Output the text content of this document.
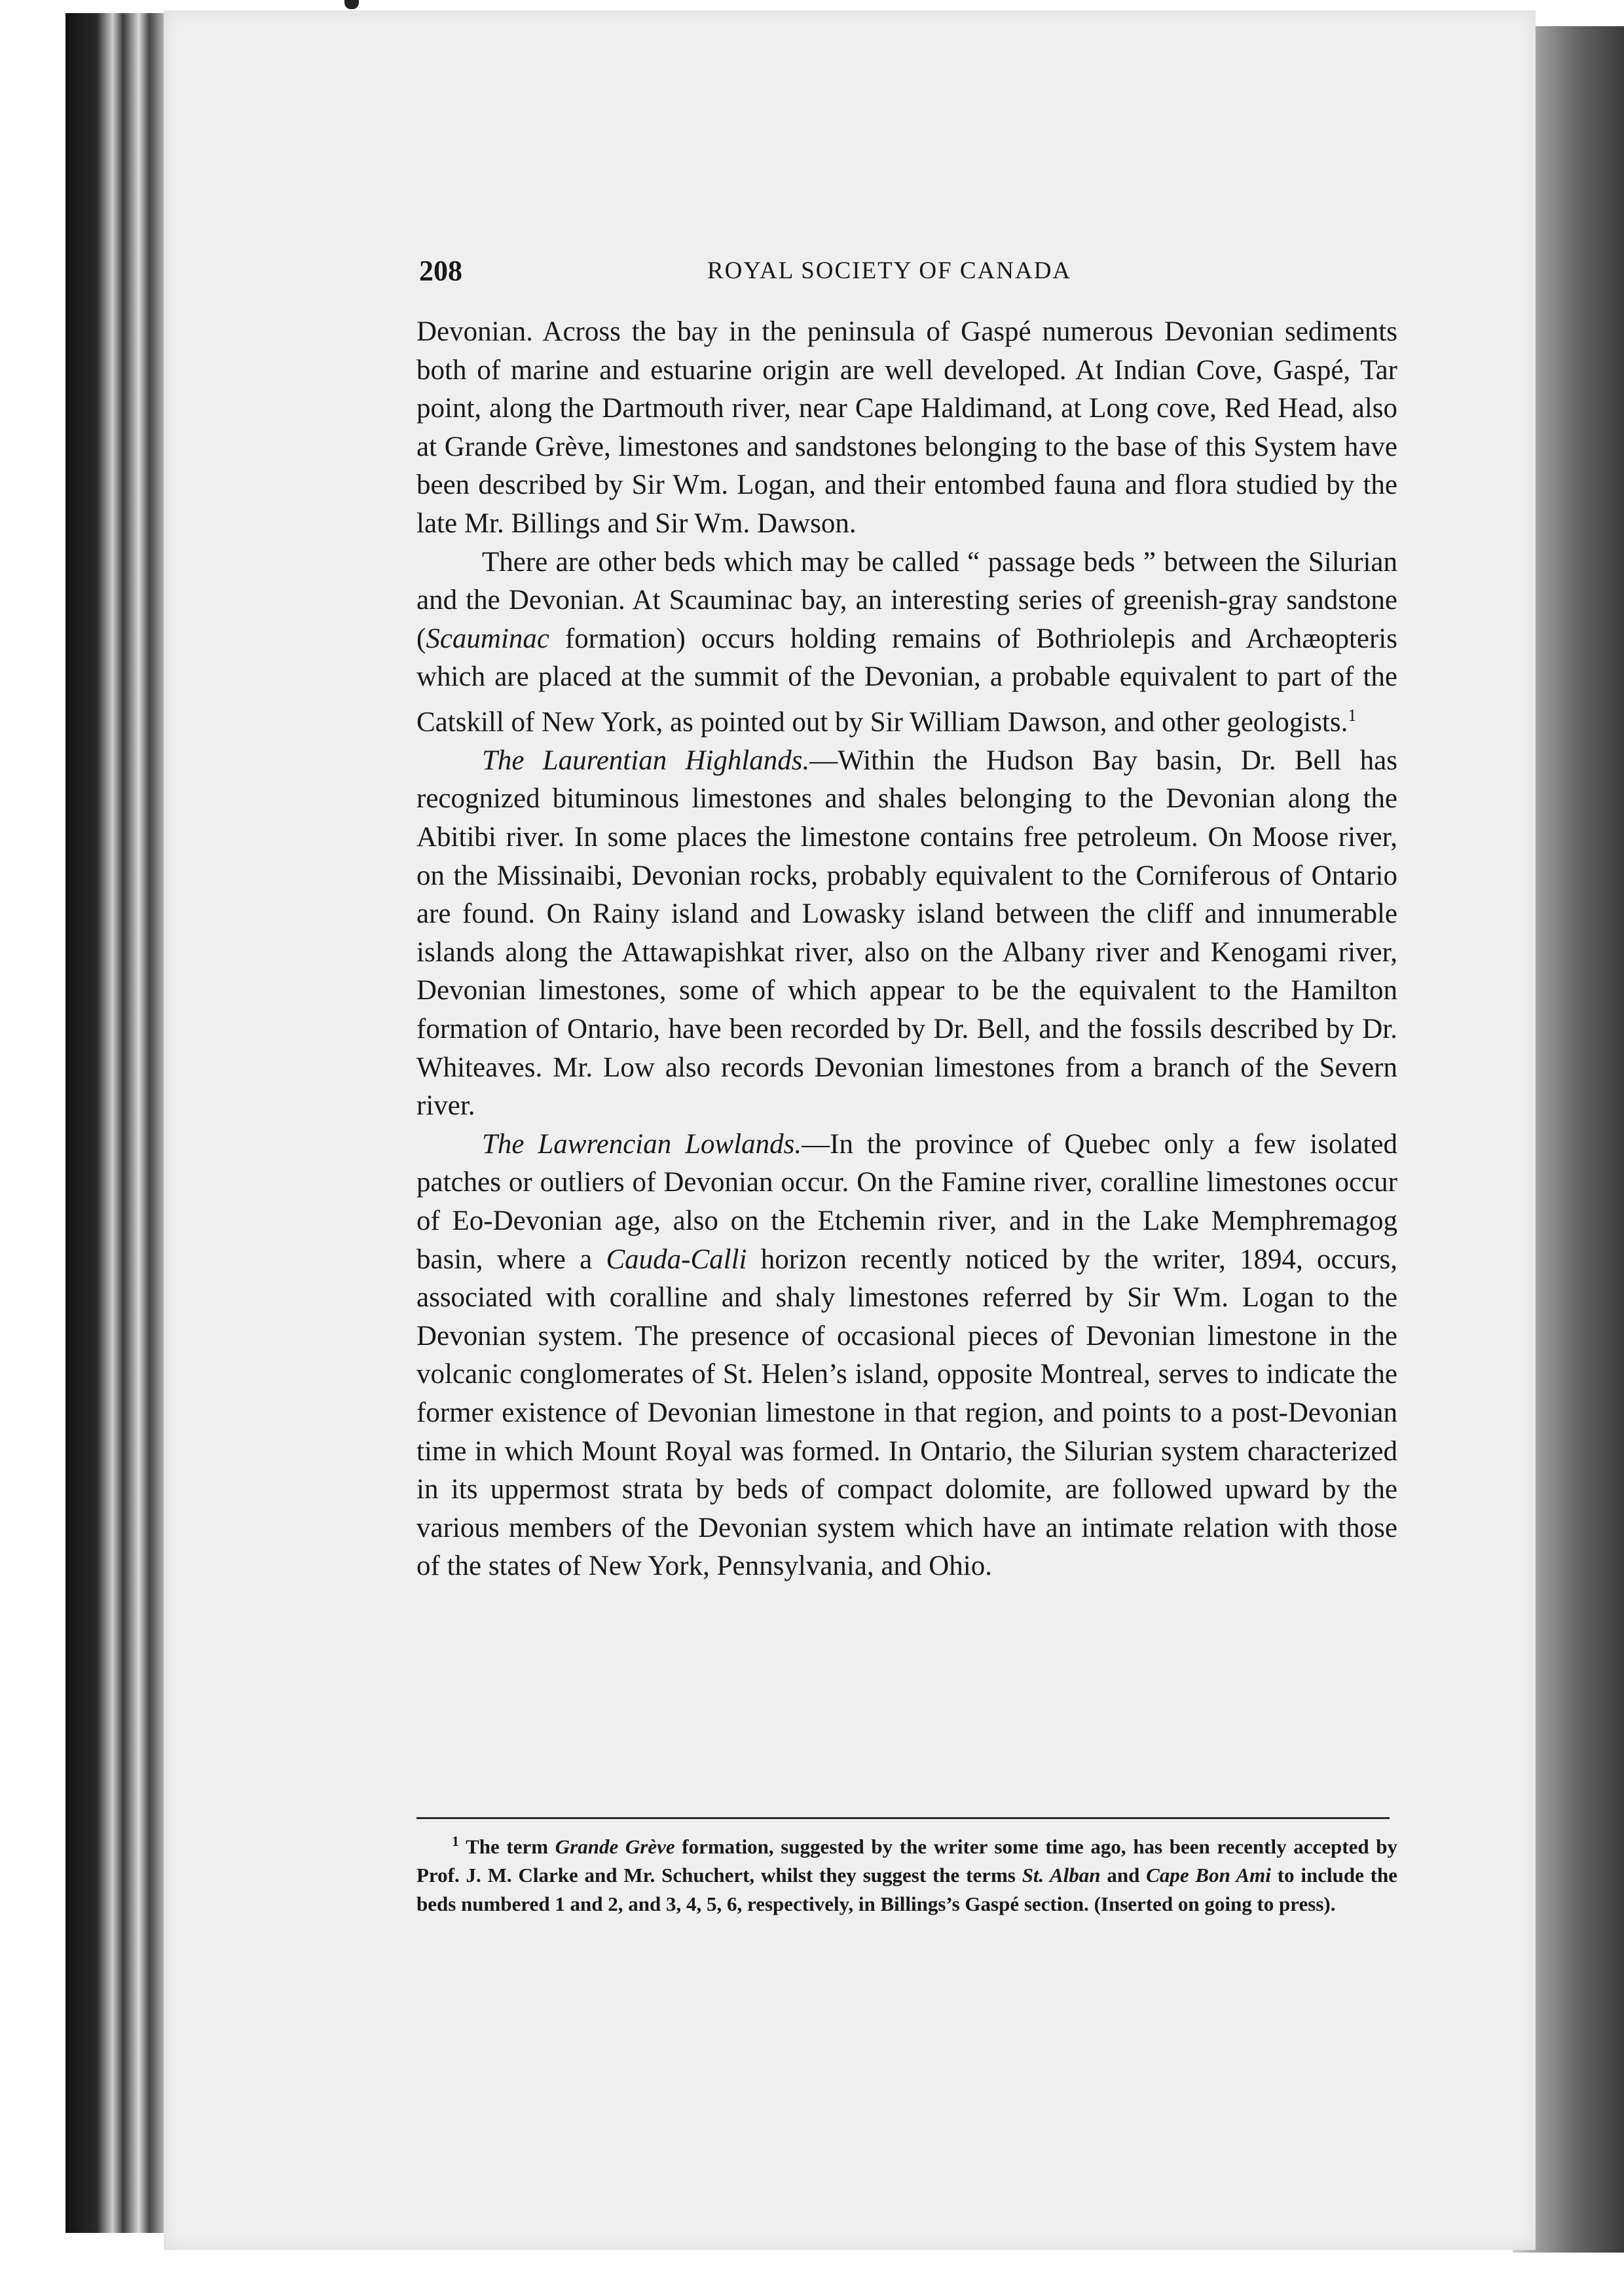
208	ROYAL SOCIETY OF CANADA

Devonian. Across the bay in the peninsula of Gaspé numerous Devonian sediments both of marine and estuarine origin are well developed. At Indian Cove, Gaspé, Tar point, along the Dartmouth river, near Cape Haldimand, at Long cove, Red Head, also at Grande Grève, limestones and sandstones belonging to the base of this System have been described by Sir Wm. Logan, and their entombed fauna and flora studied by the late Mr. Billings and Sir Wm. Dawson.

There are other beds which may be called “ passage beds ” between the Silurian and the Devonian. At Scauminac bay, an interesting series of greenish-gray sandstone (Scauminac formation) occurs holding remains of Bothriolepis and Archæopteris which are placed at the summit of the Devonian, a probable equivalent to part of the Catskill of New York, as pointed out by Sir William Dawson, and other geologists.$^1$

The Laurentian Highlands.—Within the Hudson Bay basin, Dr. Bell has recognized bituminous limestones and shales belonging to the Devonian along the Abitibi river. In some places the limestone contains free petroleum. On Moose river, on the Missinaibi, Devonian rocks, probably equivalent to the Corniferous of Ontario are found. On Rainy island and Lowasky island between the cliff and innumerable islands along the Attawapishkat river, also on the Albany river and Kenogami river, Devonian limestones, some of which appear to be the equivalent to the Hamilton formation of Ontario, have been recorded by Dr. Bell, and the fossils described by Dr. Whiteaves. Mr. Low also records Devonian limestones from a branch of the Severn river.

The Lawrencian Lowlands.—In the province of Quebec only a few isolated patches or outliers of Devonian occur. On the Famine river, coralline limestones occur of Eo-Devonian age, also on the Etchemin river, and in the Lake Memphremagog basin, where a Cauda-Calli horizon recently noticed by the writer, 1894, occurs, associated with coralline and shaly limestones referred by Sir Wm. Logan to the Devonian system. The presence of occasional pieces of Devonian limestone in the volcanic conglomerates of St. Helen’s island, opposite Montreal, serves to indicate the former existence of Devonian limestone in that region, and points to a post-Devonian time in which Mount Royal was formed. In Ontario, the Silurian system characterized in its uppermost strata by beds of compact dolomite, are followed upward by the various members of the Devonian system which have an intimate relation with those of the states of New York, Pennsylvania, and Ohio.

$^1$ The term Grande Grève formation, suggested by the writer some time ago, has been recently accepted by Prof. J. M. Clarke and Mr. Schuchert, whilst they suggest the terms St. Alban and Cape Bon Ami to include the beds numbered 1 and 2, and 3, 4, 5, 6, respectively, in Billings’s Gaspé section. (Inserted on going to press).
